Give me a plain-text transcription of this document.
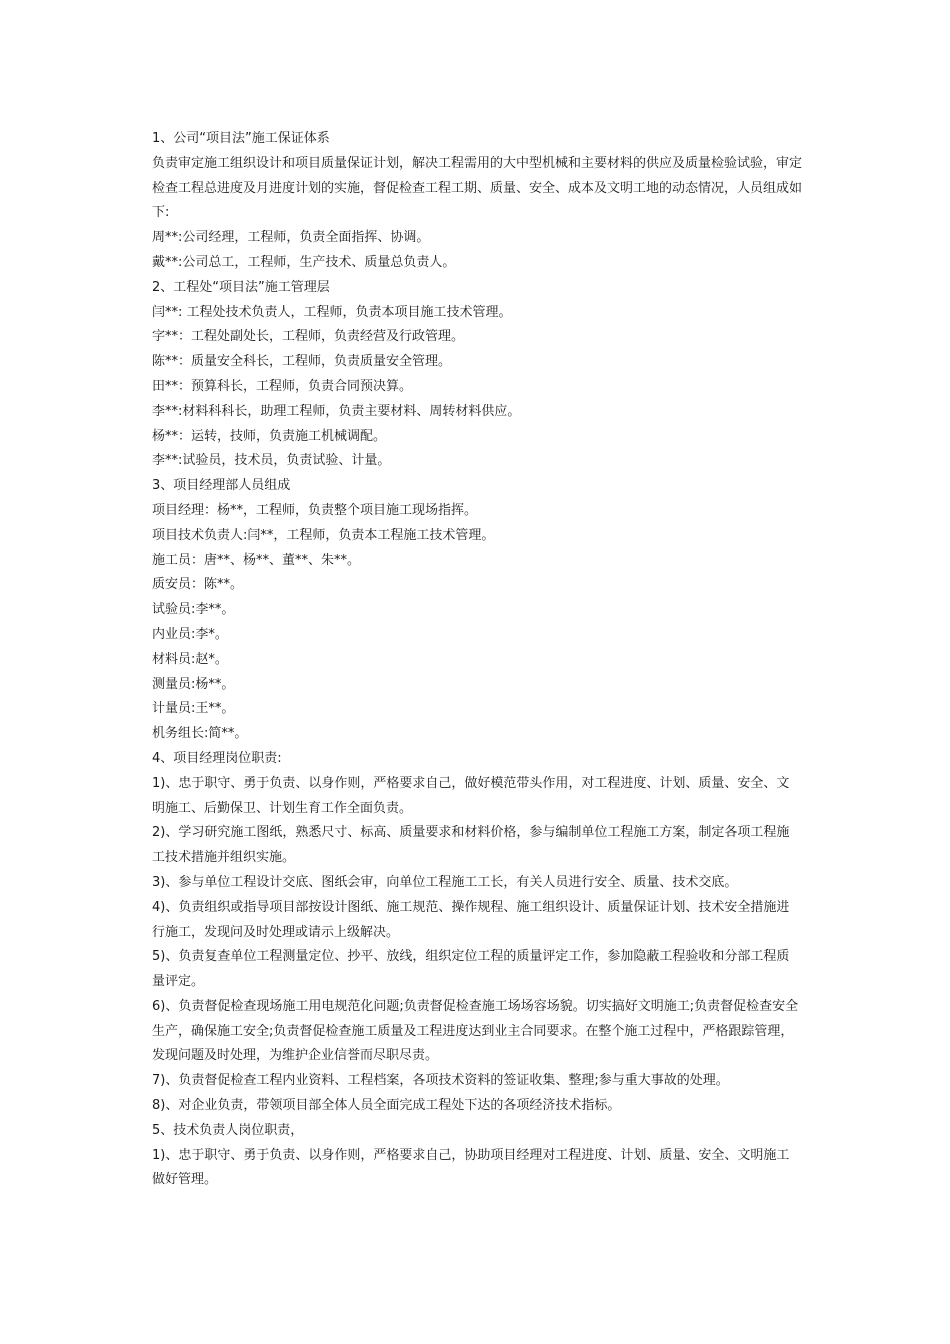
1、公司“项目法”施工保证体系
负责审定施工组织设计和项目质量保证计划，解决工程需用的大中型机械和主要材料的供应及质量检验试验，审定检查工程总进度及月进度计划的实施，督促检查工程工期、质量、安全、成本及文明工地的动态情况，人员组成如下:
周**:公司经理，工程师，负责全面指挥、协调。
戴**:公司总工，工程师，生产技术、质量总负责人。
2、工程处“项目法”施工管理层
闫**: 工程处技术负责人，工程师，负责本项目施工技术管理。
字**：工程处副处长，工程师，负责经营及行政管理。
陈**：质量安全科长，工程师，负责质量安全管理。
田**：预算科长，工程师，负责合同预决算。
李**:材料科科长，助理工程师，负责主要材料、周转材料供应。
杨**：运转，技师，负责施工机械调配。
李**:试验员，技术员，负责试验、计量。
3、项目经理部人员组成
项目经理：杨**，工程师，负责整个项目施工现场指挥。
项目技术负责人:闫**，工程师，负责本工程施工技术管理。
施工员：唐**、杨**、董**、朱**。
质安员：陈**。
试验员:李**。
内业员:李*。
材料员:赵*。
测量员:杨**。
计量员:王**。
机务组长:简**。
4、项目经理岗位职责:
1)、忠于职守、勇于负责、以身作则，严格要求自己，做好模范带头作用，对工程进度、计划、质量、安全、文明施工、后勤保卫、计划生育工作全面负责。
2)、学习研究施工图纸，熟悉尺寸、标高、质量要求和材料价格，参与编制单位工程施工方案，制定各项工程施工技术措施并组织实施。
3)、参与单位工程设计交底、图纸会审，向单位工程施工工长，有关人员进行安全、质量、技术交底。
4)、负责组织或指导项目部按设计图纸、施工规范、操作规程、施工组织设计、质量保证计划、技术安全措施进行施工，发现问及时处理或请示上级解决。
5)、负责复查单位工程测量定位、抄平、放线，组织定位工程的质量评定工作，参加隐蔽工程验收和分部工程质量评定。
6)、负责督促检查现场施工用电规范化问题;负责督促检查施工场场容场貌。切实搞好文明施工;负责督促检查安全生产，确保施工安全;负责督促检查施工质量及工程进度达到业主合同要求。在整个施工过程中，严格跟踪管理，发现问题及时处理，为维护企业信誉而尽职尽责。
7)、负责督促检查工程内业资料、工程档案，各项技术资料的签证收集、整理;参与重大事故的处理。
8)、对企业负责，带领项目部全体人员全面完成工程处下达的各项经济技术指标。
5、技术负责人岗位职责，
1)、忠于职守、勇于负责、以身作则，严格要求自己，协助项目经理对工程进度、计划、质量、安全、文明施工做好管理。
